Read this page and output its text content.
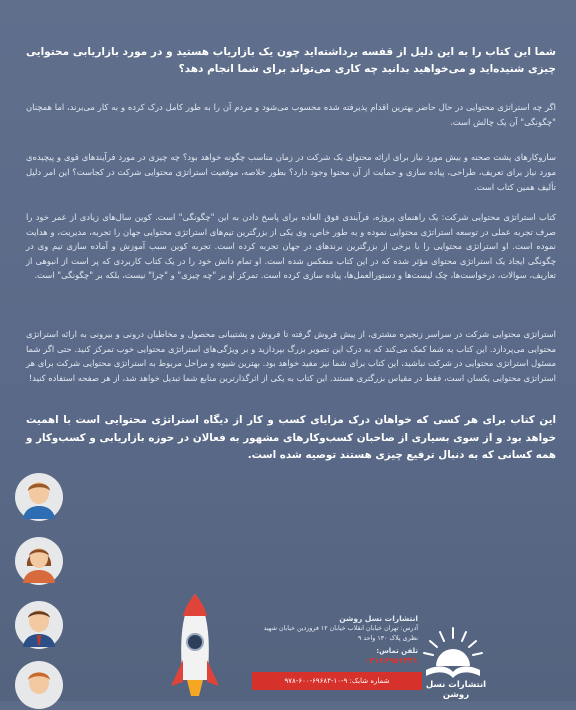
شما این کتاب را به این دلیل از قفسه برداشته‌اید چون یک بازاریاب هستید و در مورد بازاریابی محتوایی چیزی شنیده‌اید و می‌خواهید بدانید چه کاری می‌تواند برای شما انجام دهد؟
اگر چه استراتژی محتوایی در حال حاضر بهترین اقدام پذیرفته شده محسوب می‌شود و مردم آن را به طور کامل درک کرده و به کار می‌برند، اما همچنان "چگونگی" آن یک چالش است.
سازوکارهای پشت صحنه و بیش مورد نیاز برای ارائه محتوای یک شرکت در زمان مناسب چگونه خواهد بود؟ چه چیزی در مورد فرآیندهای قوی و پیچیده‌ی مورد نیاز برای تعریف، طراحی، پیاده سازی و حمایت از آن محتوا وجود دارد؟ بطور خلاصه، موقعیت استراتژی محتوایی شرکت در کجاست؟ این امر دلیل تألیف همین کتاب است.
کتاب استراتژی محتوایی شرکت: یک راهنمای پروژه، فرآیندی فوق العاده برای پاسخ دادن به این "چگونگی" است. کوین سال‌های زیادی از عمر خود را صرف تجربه عملی در توسعه استراتژی محتوایی نموده و به طور خاص، وی یکی از بزرگترین تیم‌های استراتژی محتوایی جهان را تجربه، مدیریت، و هدایت نموده است. او استراتژی محتوایی را با برخی از بزرگترین برندهای در جهان تجربه کرده است. تجربه کوین سبب آموزش و آماده سازی تیم وی در چگونگی ایجاد یک استراتژی محتوای مؤثر شده که در این کتاب منعکس شده است. او تمام دانش خود را در یک کتاب کاربردی که پر است از انبوهی از تعاریف، سوالات، درخواست‌ها، چک لیست‌ها و دستورالعمل‌ها، پیاده سازی کرده است. تمرکز او بر "چه چیزی" و "چرا" نیست، بلکه بر "چگونگی" است.
استراتژی محتوایی شرکت در سراسر زنجیره مشتری، از پیش فروش گرفته تا فروش و پشتیبانی محصول و مخاطبان درونی و بیرونی به ارائه استراتژی محتوایی می‌پردازد. این کتاب به شما کمک می‌کند که به درک این تصویر بزرگ بپردازید و بر ویژگی‌های استراتژی محتوایی خوب تمرکز کنید. حتی اگر شما مسئول استراتژی محتوایی در شرکت نباشید، این کتاب برای شما نیز مفید خواهد بود. بهترین شیوه و مراحل مربوط به استراتژی محتوایی شرکت برای هر استراتژی محتوایی یکسان است، فقط در مقیاس بزرگتری هستند. این کتاب به یکی از اثرگذارترین منابع شما تبدیل خواهد شد، از هر صفحه استفاده کنید!
این کتاب برای هر کسی که خواهان درک مزایای کسب و کار از دیگاه استراتژی محتوایی است با اهمیت خواهد بود و از سوی بسیاری از صاحبان کسب‌وکارهای مشهور به فعالان در حوزه بازاریابی و کسب‌وکار و همه کسانی که به دنبال ترفیع چیزی هستند توصیه شده است.
انتشارات نسل روشن
آدرس: تهران خیابان انقلاب خیابان ۱۲ فروردین خیابان شهید نظری پلاک ۱۳۰ واحد ۹
تلفن تماس:
۰۲۱۶۶۹۵۱۴۲۱
شماره شابک: ۹-۱۰-۶۹۶۸۴-۶۰۰-۹۷۸	انتشارات نسل روشن
